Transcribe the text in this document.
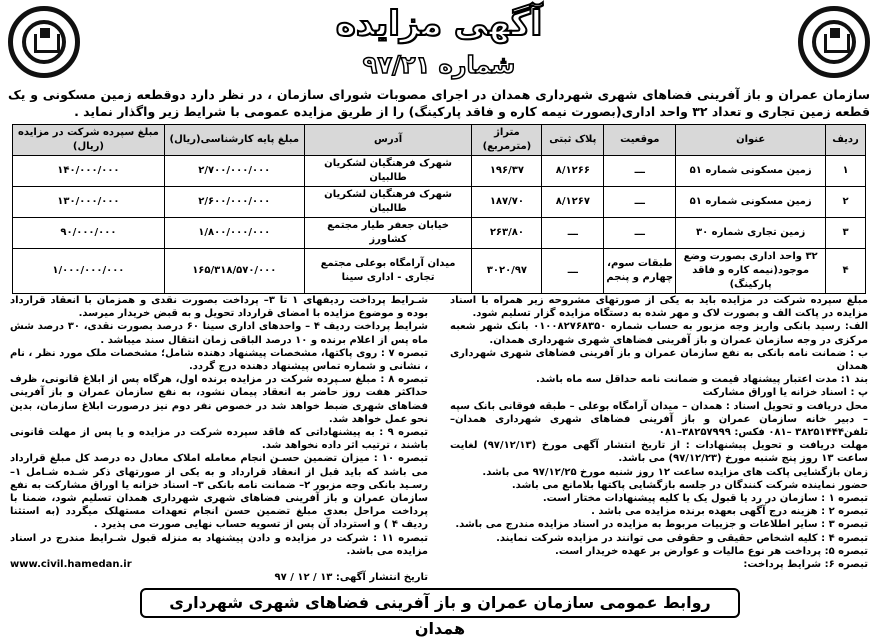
آگهی مزایده
شماره ۹۷/۲۱
سازمان عمران و باز آفرینی فضاهای شهری شهرداری همدان در اجرای مصوبات شورای سازمان ، در نظر دارد دوقطعه زمین مسکونی و یک قطعه زمین تجاری و تعداد ۳۲ واحد اداری(بصورت نیمه کاره و فاقد پارکینگ) را از طریق مزایده عمومی با شرایط زیر واگذار نماید .
ردیف	عنوان	موقعیت	پلاک ثبتی	متراژ (مترمربع)	آدرس	مبلغ پایه کارشناسی(ریال)	مبلغ سپرده شرکت در مزایده (ریال)
۱	زمین مسکونی شماره ۵۱	ـــ	۸/۱۲۶۶	۱۹۶/۳۷	شهرک فرهنگیان لشکریان طالبیان	۲/۷۰۰/۰۰۰/۰۰۰	۱۴۰/۰۰۰/۰۰۰
۲	زمین مسکونی شماره ۵۱	ـــ	۸/۱۲۶۷	۱۸۷/۷۰	شهرک فرهنگیان لشکریان طالبیان	۲/۶۰۰/۰۰۰/۰۰۰	۱۳۰/۰۰۰/۰۰۰
۳	زمین تجاری شماره ۳۰	ـــ	ـــ	۲۶۳/۸۰	خیابان جعفر طیار مجتمع کشاورز	۱/۸۰۰/۰۰۰/۰۰۰	۹۰/۰۰۰/۰۰۰
۴	۳۲ واحد اداری بصورت وضع موجود(نیمه کاره و فاقد پارکینگ)	طبقات سوم، چهارم و پنجم	ـــ	۳۰۲۰/۹۷	میدان آرامگاه بوعلی مجتمع تجاری - اداری سینا	۱۶۵/۳۱۸/۵۷۰/۰۰۰	۱/۰۰۰/۰۰۰/۰۰۰

مبلغ سپرده شرکت در مزایده باید به یکی از صورتهای مشروحه زیر همراه با اسناد مزایده در پاکت الف و بصورت لاک و مهر شده به دستگاه مزایده گزار تسلیم شود.

الف: رسید بانکی واریز وجه مزبور به حساب شماره ۰۱۰۰۸۲۷۶۸۳۵۰ بانک شهر شعبه مرکزی در وجه سازمان عمران و باز آفرینی فضاهای شهری شهرداری همدان.

ب : ضمانت نامه بانکی به نفع سازمان عمران و باز آفرینی فضاهای شهری شهرداری همدان

بند ۱: مدت اعتبار پیشنهاد قیمت و ضمانت نامه حداقل سه ماه باشد.

پ : اسناد خزانه یا اوراق مشارکت

محل دریافت و تحویل اسناد : همدان – میدان آرامگاه بوعلی – طبقه فوقانی بانک سپه – دبیر خانه سازمان عمران و باز آفرینی فضاهای شهری شهرداری همدان– تلفن۳۸۲۵۱۴۴۴ –۰۸۱ فکس: ۳۸۲۵۷۹۹۹–۰۸۱

مهلت دریافت و تحویل پیشنهادات : از تاریخ انتشار آگهی مورخ (۹۷/۱۲/۱۳) لغایت ساعت ۱۳ روز پنج شنبه مورخ (۹۷/۱۲/۲۳) می باشد.

زمان بازگشایی پاکت های مزایده ساعت ۱۲ روز شنبه مورخ ۹۷/۱۲/۲۵ می باشد.

حضور نماینده شرکت کنندگان در جلسه بازگشایی پاکتها بلامانع می باشد.

تبصره ۱ : سازمان در رد یا قبول یک یا کلیه پیشنهادات مختار است.

تبصره ۲ : هزینه درج آگهی بعهده برنده مزایده می باشد .

تبصره ۳ : سایر اطلاعات و جزییات مربوط به مزایده در اسناد مزایده مندرج می باشد.

تبصره ۴ : کلیه اشخاص حقیقی و حقوقی می توانند در مزایده شرکت نمایند.

تبصره ۵: پرداخت هر نوع مالیات و عوارض بر عهده خریدار است.

تبصره ۶: شرایط پرداخت:

شـرایط پرداخت ردیفهای ۱ تا ۳– پرداخت بصورت نقدی و همزمان با انعقاد قرارداد بوده و موضوع مزایده با امضای قرارداد تحویل و به قبض خریدار میرسد.

شرایط پرداخت ردیف ۴ – واحدهای اداری سینا ۶۰ درصد بصورت نقدی، ۳۰ درصد شش ماه پس از اعلام برنده و ۱۰ درصد الباقی زمان انتقال سند میباشد .

تبصره ۷ : روی پاکتها، مشخصات پیشنهاد دهنده شامل؛ مشخصات ملک مورد نظر ، نام ، نشانی و شماره تماس پیشنهاد دهنده درج گردد.

تبصره ۸ : مبلغ سـپرده شرکت در مزایده برنده اول، هرگاه پس از ابلاغ قانونی، ظرف حداکثر هفت روز حاضر به انعقاد پیمان نشود، به نفع سازمان عمران و باز آفرینی فضاهای شهری ضبط خواهد شد در خصوص نفر دوم نیز درصورت ابلاغ سازمان، بدین نحو عمل خواهد شد.

تبصره ۹ : به پیشنهاداتی که فاقد سپرده شرکت در مزایده و یا پس از مهلت قانونی باشند ، ترتیب اثر داده نخواهد شد.

تبصره ۱۰ : میزان تضمین حسـن انجام معامله املاک معادل ده درصد کل مبلغ قرارداد می باشد که باید قبل از انعقاد قرارداد و به یکی از صورتهای ذکر شـده شـامل ۱– رسـید بانکی وجه مزبور ۲– ضمانت نامه بانکی ۳– اسناد خزانه یا اوراق مشارکت به نفع سازمان عمران و باز آفرینی فضاهای شهری شهرداری همدان تسلیم شود، ضمنا با پرداخت مراحل بعدی مبلغ تضمین حسن انجام تعهدات مستهلک میگردد (به استثنا ردیف ۴ ) و استرداد آن پس از تسویه حساب نهایی صورت می پذیرد .

تبصره ۱۱ : شرکت در مزایده و دادن پیشنهاد به منزله قبول شـرایط مندرج در اسناد مزایده می باشد.

www.civil.hamedan.ir

تاریخ انتشار آگهی: ۱۳ / ۱۲ / ۹۷

روابط عمومی سازمان عمران و باز آفرینی فضاهای شهری شهرداری همدان
